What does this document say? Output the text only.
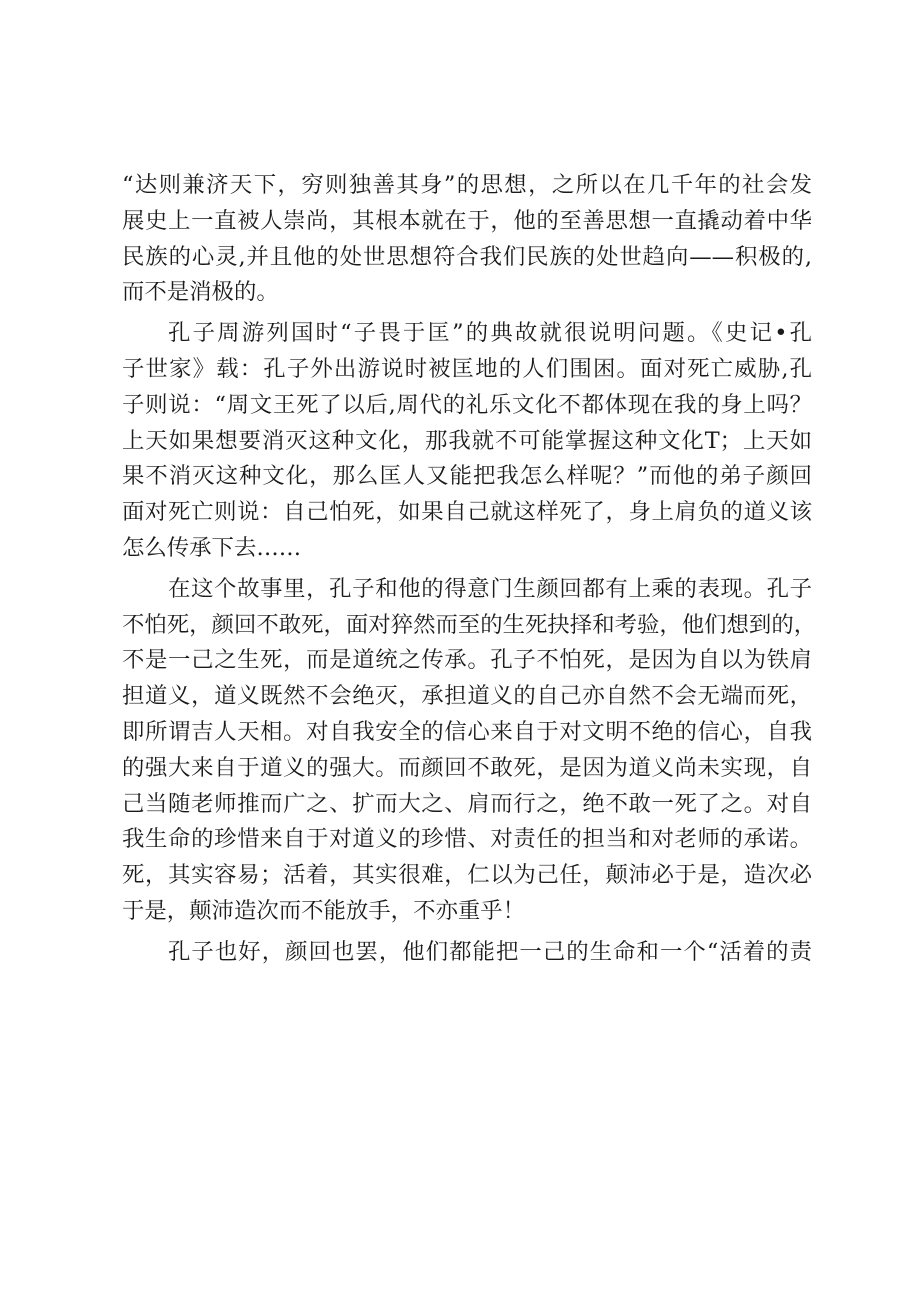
“达则兼济天下，穷则独善其身”的思想，之所以在几千年的社会发
展史上一直被人崇尚，其根本就在于，他的至善思想一直撬动着中华
民族的心灵,并且他的处世思想符合我们民族的处世趋向——积极的,
而不是消极的。
孔子周游列国时“子畏于匡”的典故就很说明问题。《史记•孔
子世家》载：孔子外出游说时被匡地的人们围困。面对死亡威胁,孔
子则说：“周文王死了以后,周代的礼乐文化不都体现在我的身上吗？
上天如果想要消灭这种文化，那我就不可能掌握这种文化T；上天如
果不消灭这种文化，那么匡人又能把我怎么样呢？”而他的弟子颜回
面对死亡则说：自己怕死，如果自己就这样死了，身上肩负的道义该
怎么传承下去……
在这个故事里，孔子和他的得意门生颜回都有上乘的表现。孔子
不怕死，颜回不敢死，面对猝然而至的生死抉择和考验，他们想到的，
不是一己之生死，而是道统之传承。孔子不怕死，是因为自以为铁肩
担道义，道义既然不会绝灭，承担道义的自己亦自然不会无端而死，
即所谓吉人天相。对自我安全的信心来自于对文明不绝的信心，自我
的强大来自于道义的强大。而颜回不敢死，是因为道义尚未实现，自
己当随老师推而广之、扩而大之、肩而行之，绝不敢一死了之。对自
我生命的珍惜来自于对道义的珍惜、对责任的担当和对老师的承诺。
死，其实容易；活着，其实很难，仁以为己任，颠沛必于是，造次必
于是，颠沛造次而不能放手，不亦重乎！
孔子也好，颜回也罢，他们都能把一己的生命和一个“活着的责
